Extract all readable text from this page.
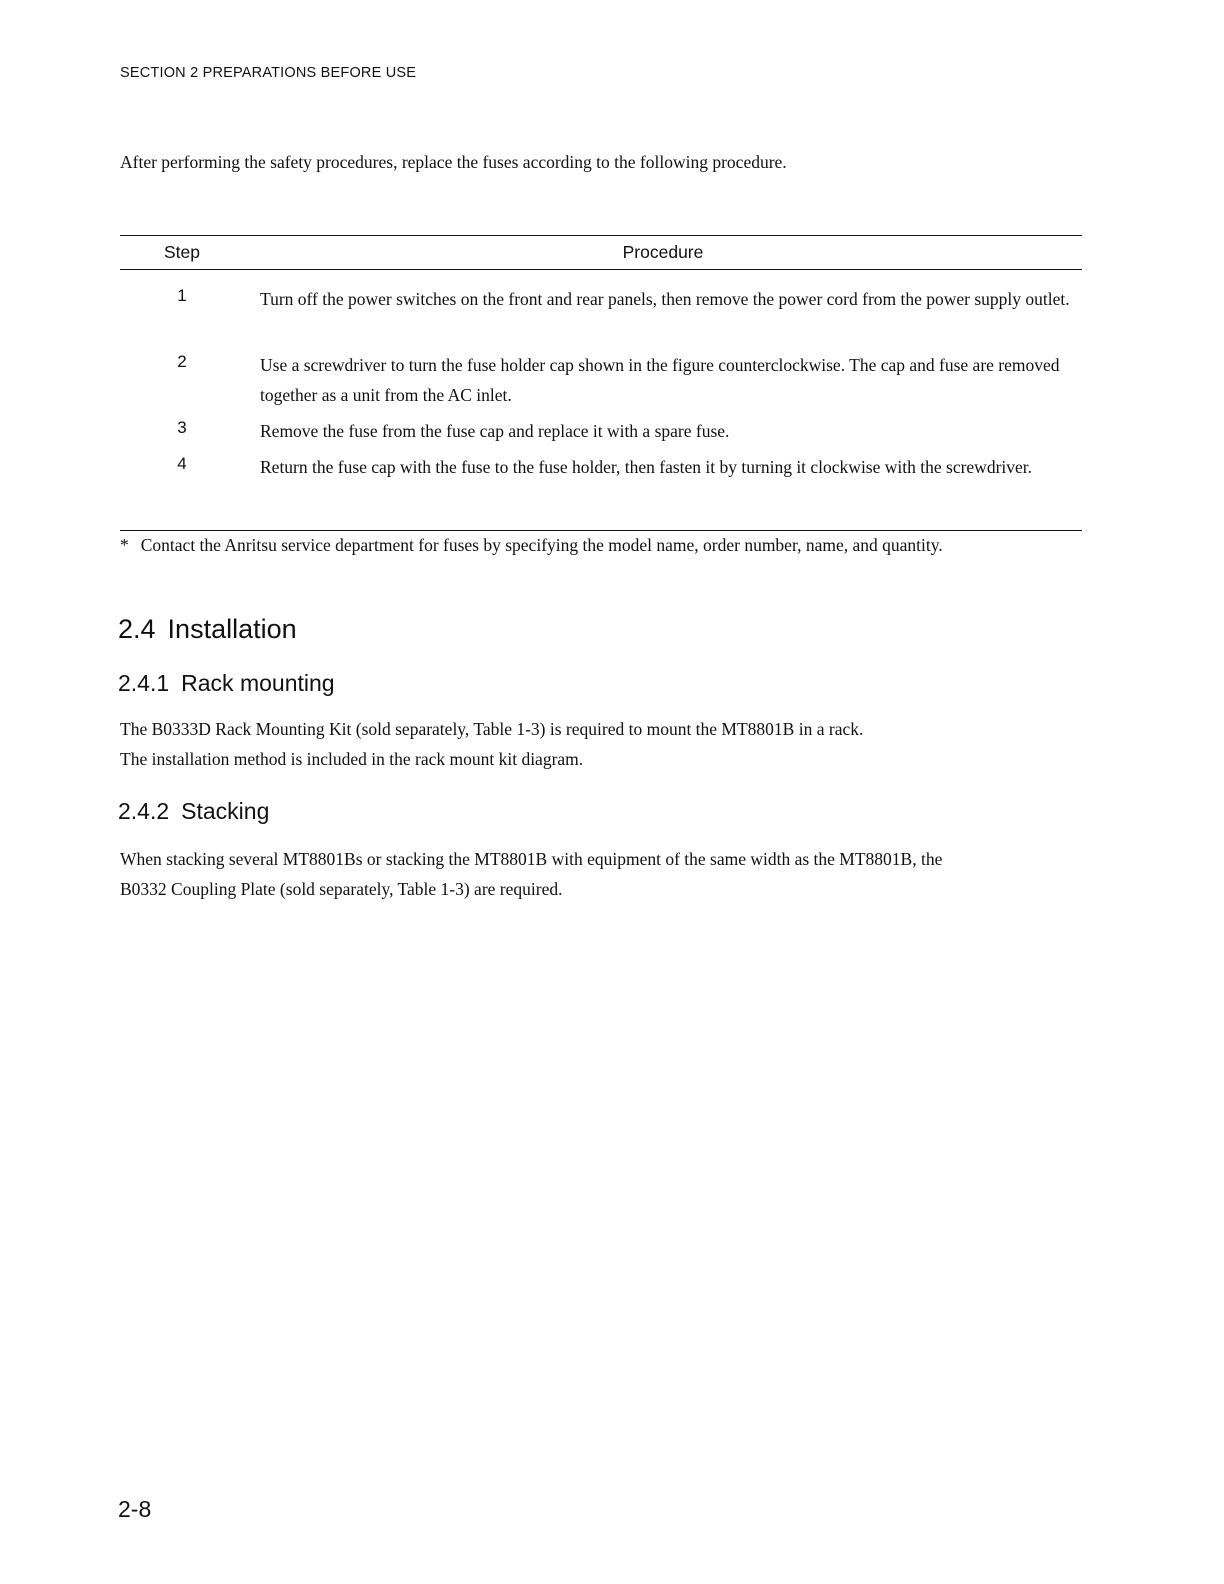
SECTION 2 PREPARATIONS BEFORE USE
After performing the safety procedures, replace the fuses according to the following procedure.
Step	Procedure
1	Turn off the power switches on the front and rear panels, then remove the power cord from the power supply outlet.
2	Use a screwdriver to turn the fuse holder cap shown in the figure counterclockwise. The cap and fuse are removed together as a unit from the AC inlet.
3	Remove the fuse from the fuse cap and replace it with a spare fuse.
4	Return the fuse cap with the fuse to the fuse holder, then fasten it by turning it clockwise with the screwdriver.
* Contact the Anritsu service department for fuses by specifying the model name, order number, name, and quantity.
2.4 Installation
2.4.1 Rack mounting
The B0333D Rack Mounting Kit (sold separately, Table 1-3) is required to mount the MT8801B in a rack.
The installation method is included in the rack mount kit diagram.
2.4.2 Stacking
When stacking several MT8801Bs or stacking the MT8801B with equipment of the same width as the MT8801B, the
B0332 Coupling Plate (sold separately, Table 1-3) are required.
2-8
